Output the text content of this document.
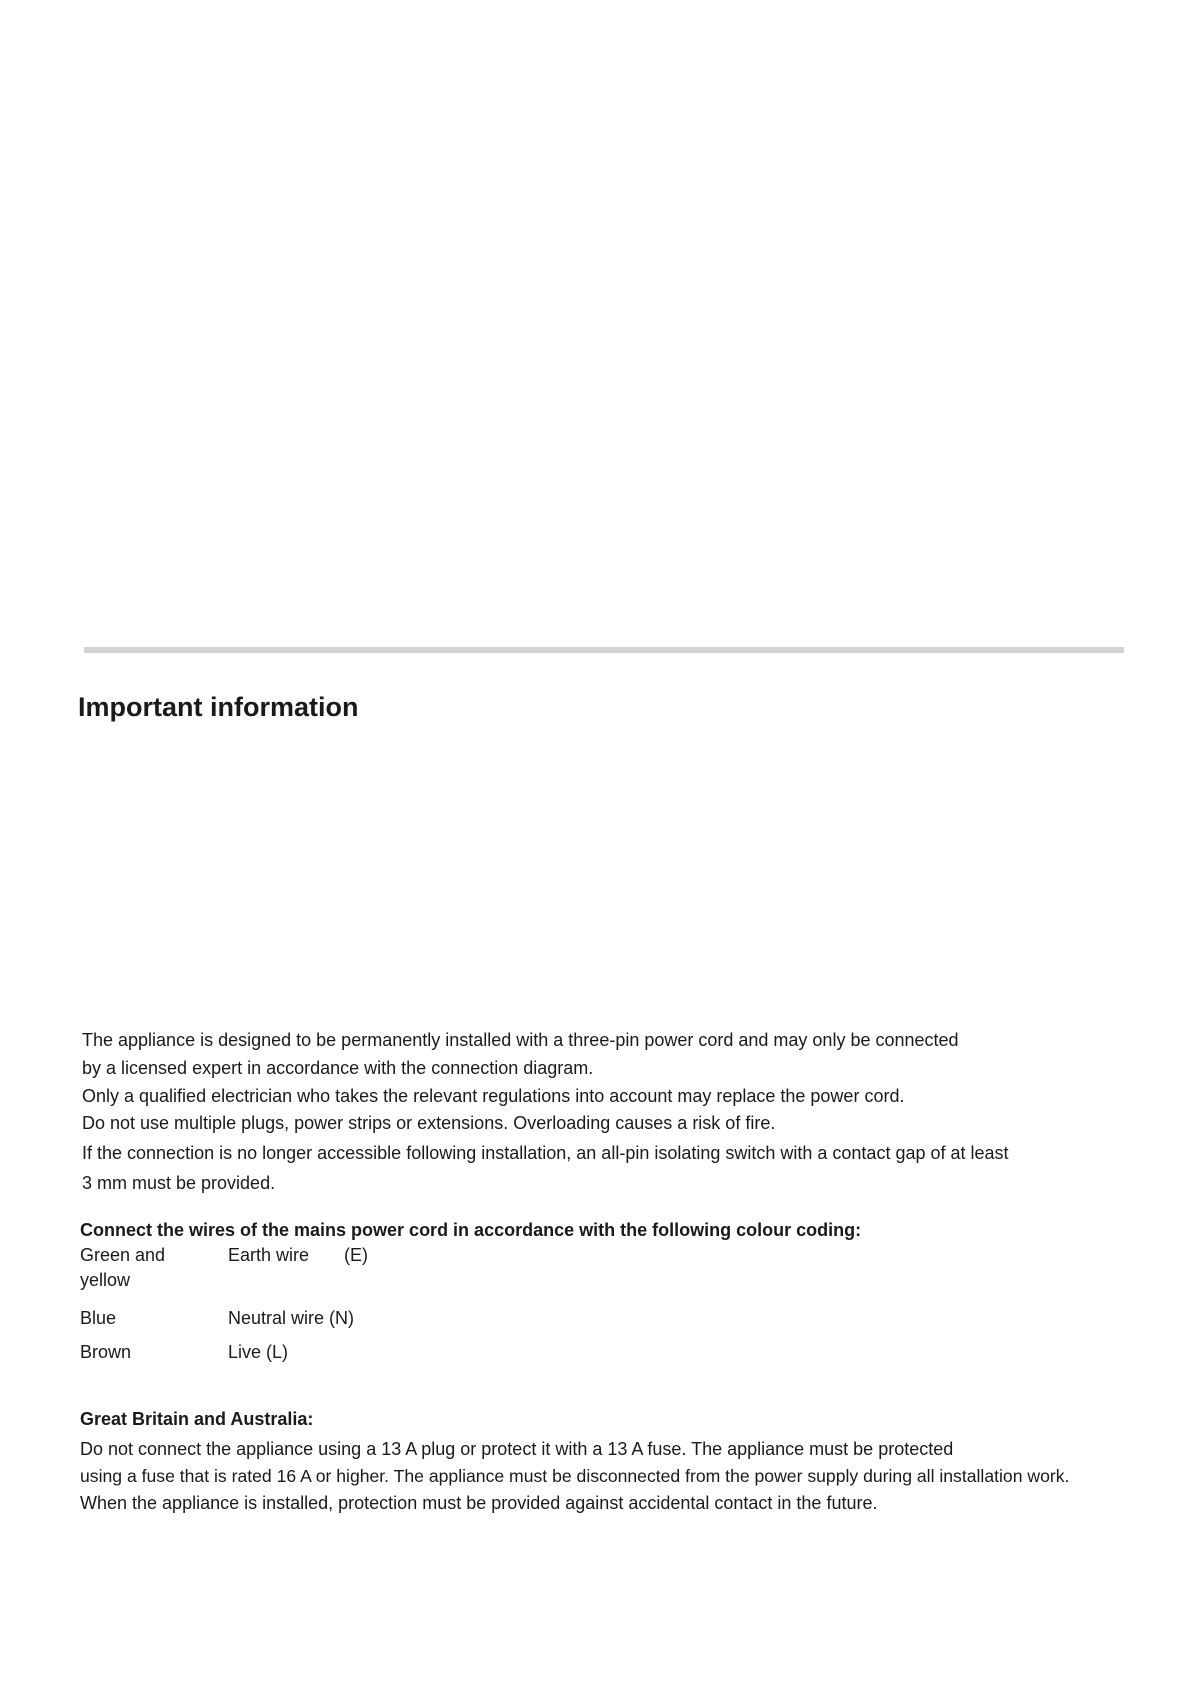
Important information

The appliance is designed to be permanently installed with a three-pin power cord and may only be connected

by a licensed expert in accordance with the connection diagram.

Only a qualified electrician who takes the relevant regulations into account may replace the power cord.

Do not use multiple plugs, power strips or extensions. Overloading causes a risk of fire.

If the connection is no longer accessible following installation, an all-pin isolating switch with a contact gap of at least

3 mm must be provided.

Connect the wires of the mains power cord in accordance with the following colour coding:

Green and yellow

Earth wire (E)

Blue	Neutral wire (N)

Brown	Live (L)

Great Britain and Australia:

Do not connect the appliance using a 13 A plug or protect it with a 13 A fuse. The appliance must be protected

using a fuse that is rated 16 A or higher. The appliance must be disconnected from the power supply during all installation work.

When the appliance is installed, protection must be provided against accidental contact in the future.
